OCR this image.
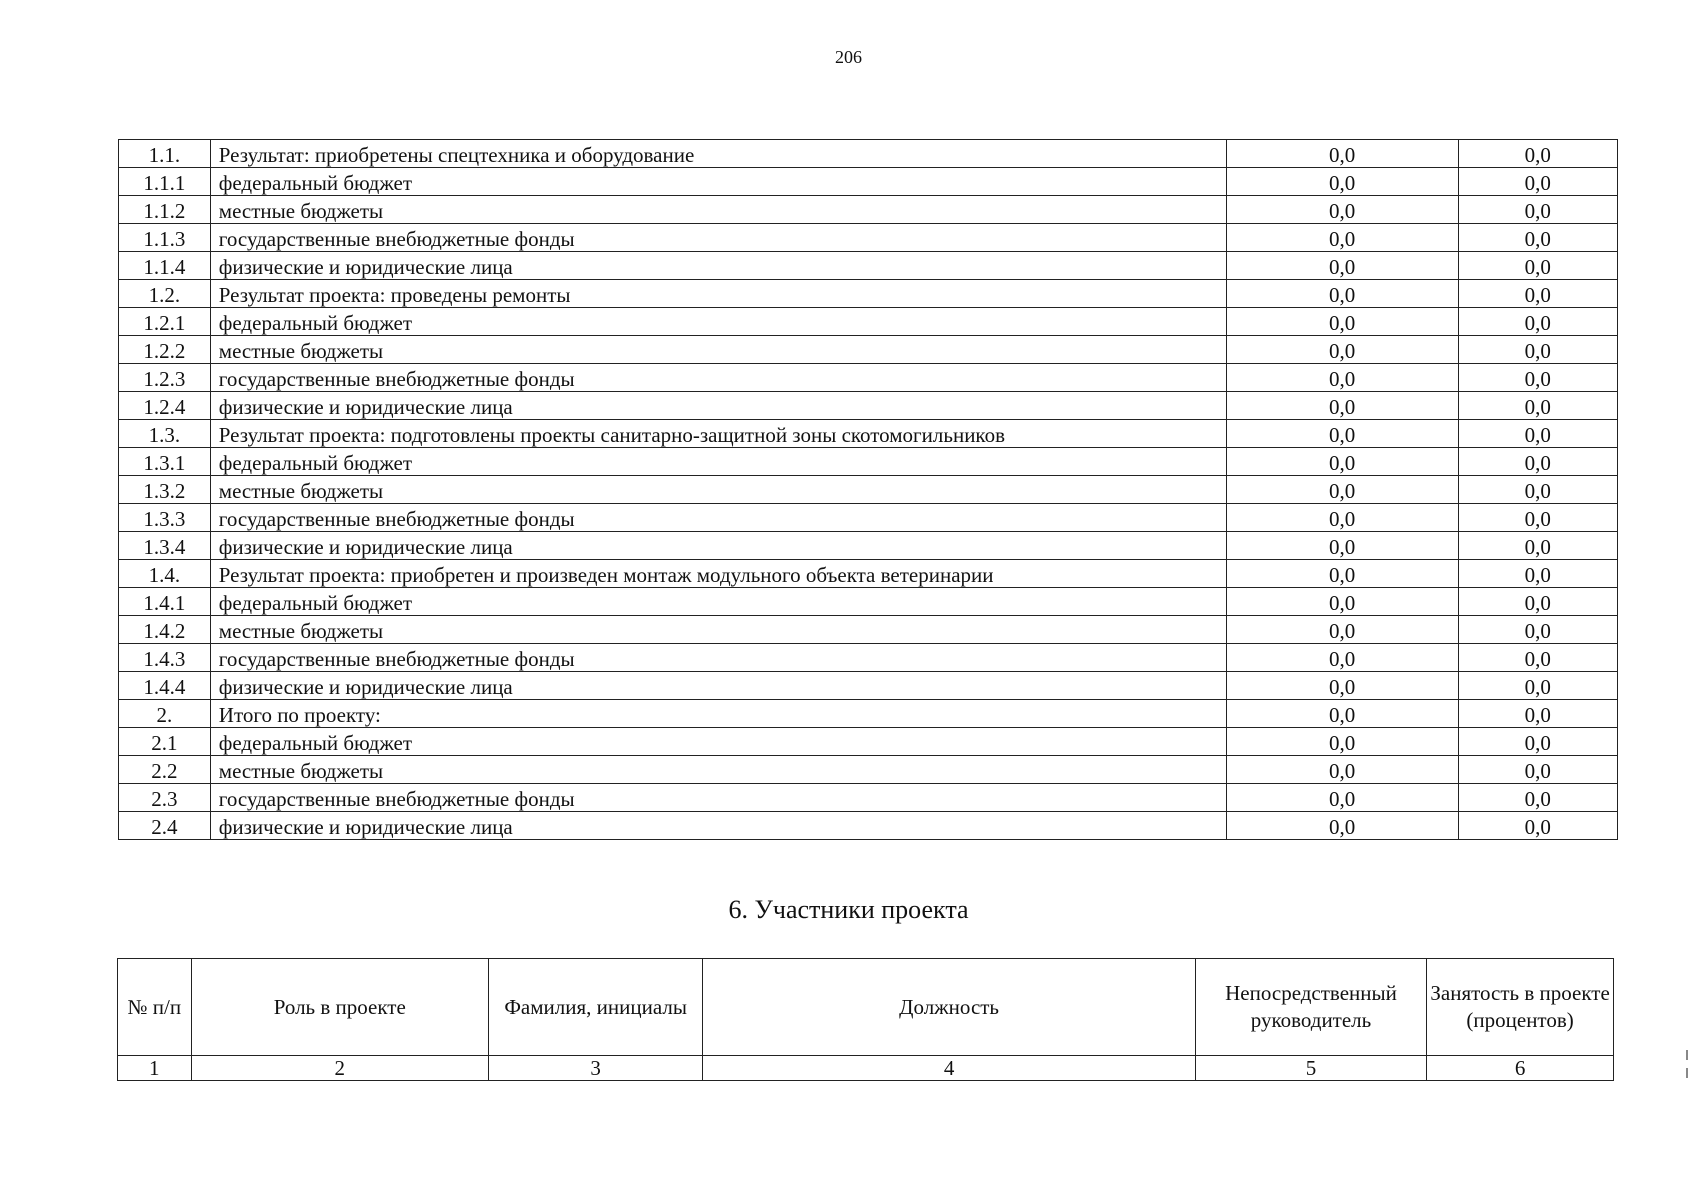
206
1.1.	Результат: приобретены спецтехника и оборудование	0,0	0,0
1.1.1	федеральный бюджет	0,0	0,0
1.1.2	местные бюджеты	0,0	0,0
1.1.3	государственные внебюджетные фонды	0,0	0,0
1.1.4	физические и юридические лица	0,0	0,0
1.2.	Результат проекта: проведены ремонты	0,0	0,0
1.2.1	федеральный бюджет	0,0	0,0
1.2.2	местные бюджеты	0,0	0,0
1.2.3	государственные внебюджетные фонды	0,0	0,0
1.2.4	физические и юридические лица	0,0	0,0
1.3.	Результат проекта: подготовлены проекты санитарно-защитной зоны скотомогильников	0,0	0,0
1.3.1	федеральный бюджет	0,0	0,0
1.3.2	местные бюджеты	0,0	0,0
1.3.3	государственные внебюджетные фонды	0,0	0,0
1.3.4	физические и юридические лица	0,0	0,0
1.4.	Результат проекта: приобретен и произведен монтаж модульного объекта ветеринарии	0,0	0,0
1.4.1	федеральный бюджет	0,0	0,0
1.4.2	местные бюджеты	0,0	0,0
1.4.3	государственные внебюджетные фонды	0,0	0,0
1.4.4	физические и юридические лица	0,0	0,0
2.	Итого по проекту:	0,0	0,0
2.1	федеральный бюджет	0,0	0,0
2.2	местные бюджеты	0,0	0,0
2.3	государственные внебюджетные фонды	0,0	0,0
2.4	физические и юридические лица	0,0	0,0
6. Участники проекта
№ п/п	Роль в проекте	Фамилия, инициалы	Должность	Непосредственный руководитель	Занятость в проекте (процентов)
1	2	3	4	5	6
